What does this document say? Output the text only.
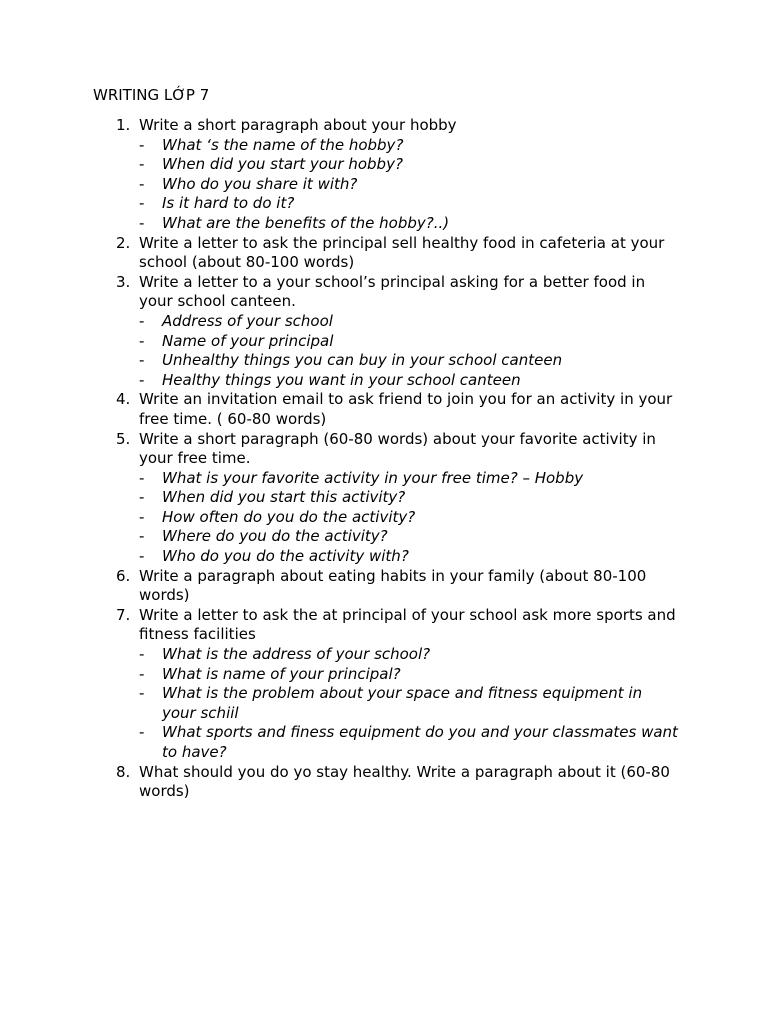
WRITING LỚP 7
1. Write a short paragraph about your hobby
- What ‘s the name of the hobby?
- When did you start your hobby?
- Who do you share it with?
- Is it hard to do it?
- What are the benefits of the hobby?..)
2. Write a letter to ask the principal sell healthy food in cafeteria at your school (about 80-100 words)
3. Write a letter to a your school’s principal asking for a better food in your school canteen.
- Address of your school
- Name of your principal
- Unhealthy things you can buy in your school canteen
- Healthy things you want in your school canteen
4. Write an invitation email to ask friend to join you for an activity in your free time. ( 60-80 words)
5. Write a short paragraph (60-80 words) about your favorite activity in your free time.
- What is your favorite activity in your free time? – Hobby
- When did you start this activity?
- How often do you do the activity?
- Where do you do the activity?
- Who do you do the activity with?
6. Write a paragraph about eating habits in your family (about 80-100 words)
7. Write a letter to ask the at principal of your school ask more sports and fitness facilities
- What is the address of your school?
- What is name of your principal?
- What is the problem about your space and fitness equipment in your schiil
- What sports and finess equipment do you and your classmates want to have?
8. What should you do yo stay healthy. Write a paragraph about it (60-80 words)
